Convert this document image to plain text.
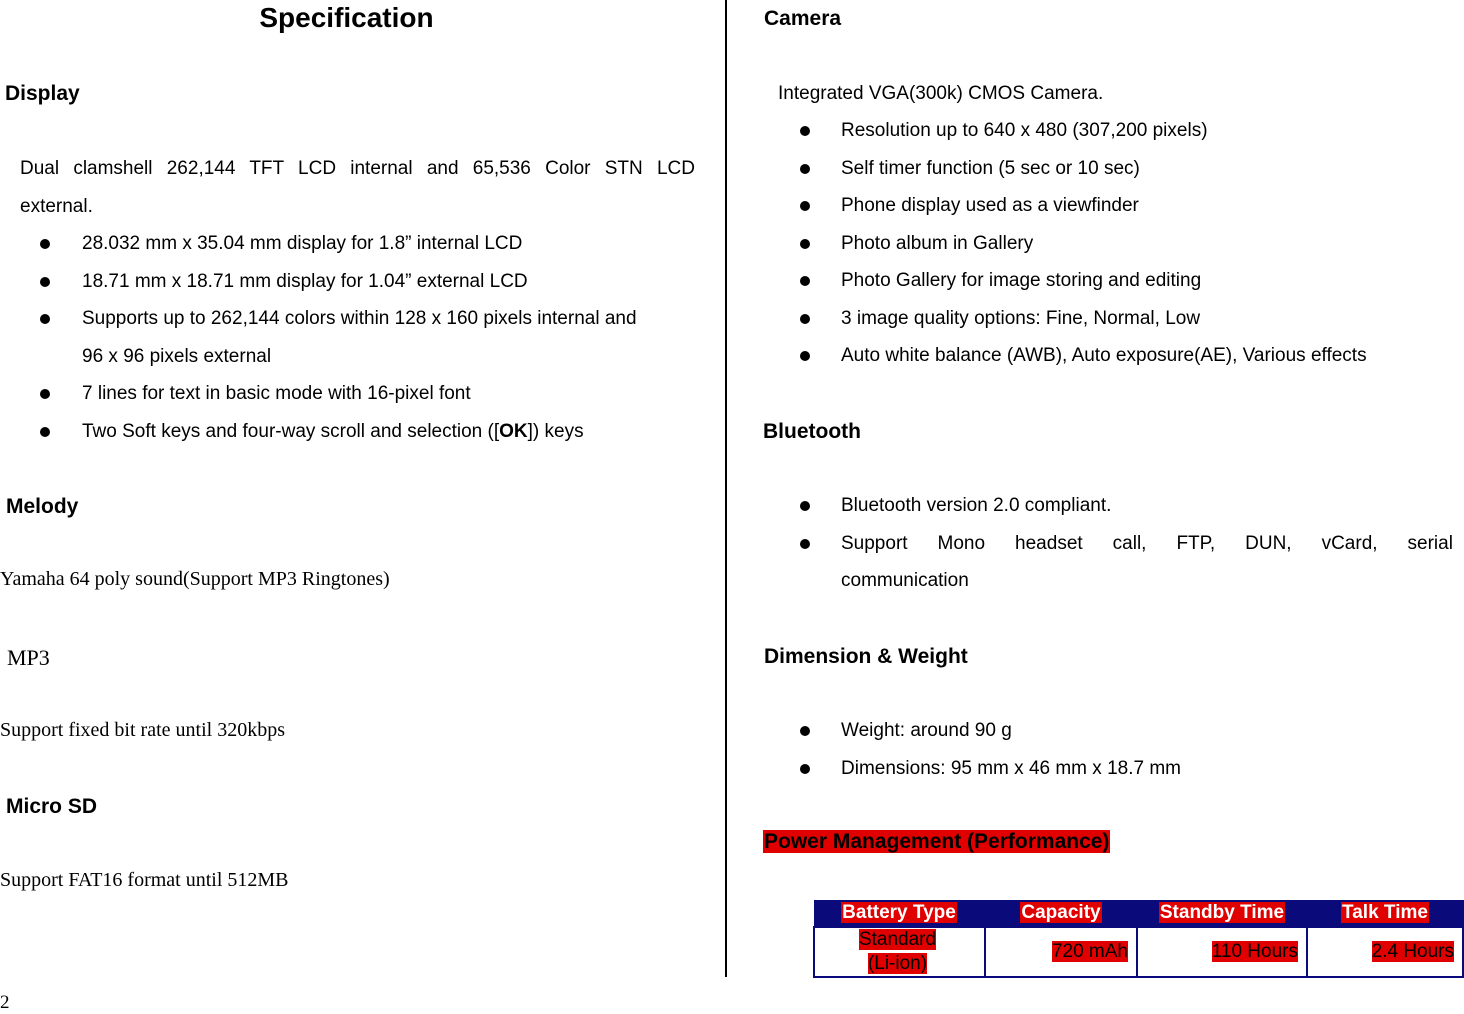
Specification
Display
Dual clamshell 262,144 TFT LCD internal and 65,536 Color STN LCD
external.
28.032 mm x 35.04 mm display for 1.8” internal LCD
18.71 mm x 18.71 mm display for 1.04” external LCD
Supports up to 262,144 colors within 128 x 160 pixels internal and
96 x 96 pixels external
7 lines for text in basic mode with 16-pixel font
Two Soft keys and four-way scroll and selection ([OK]) keys
Melody
Yamaha 64 poly sound(Support MP3 Ringtones)
MP3
Support fixed bit rate until 320kbps
Micro SD
Support FAT16 format until 512MB
2
Camera
Integrated VGA(300k) CMOS Camera.
Resolution up to 640 x 480 (307,200 pixels)
Self timer function (5 sec or 10 sec)
Phone display used as a viewfinder
Photo album in Gallery
Photo Gallery for image storing and editing
3 image quality options: Fine, Normal, Low
Auto white balance (AWB), Auto exposure(AE), Various effects
Bluetooth
Bluetooth version 2.0 compliant.
Support Mono headset call, FTP, DUN, vCard, serial
communication
Dimension & Weight
Weight: around 90 g
Dimensions: 95 mm x 46 mm x 18.7 mm
Power Management (Performance)
Battery Type	Capacity	Standby Time	Talk Time
Standard
(Li-ion)	720 mAh	110 Hours	2.4 Hours
